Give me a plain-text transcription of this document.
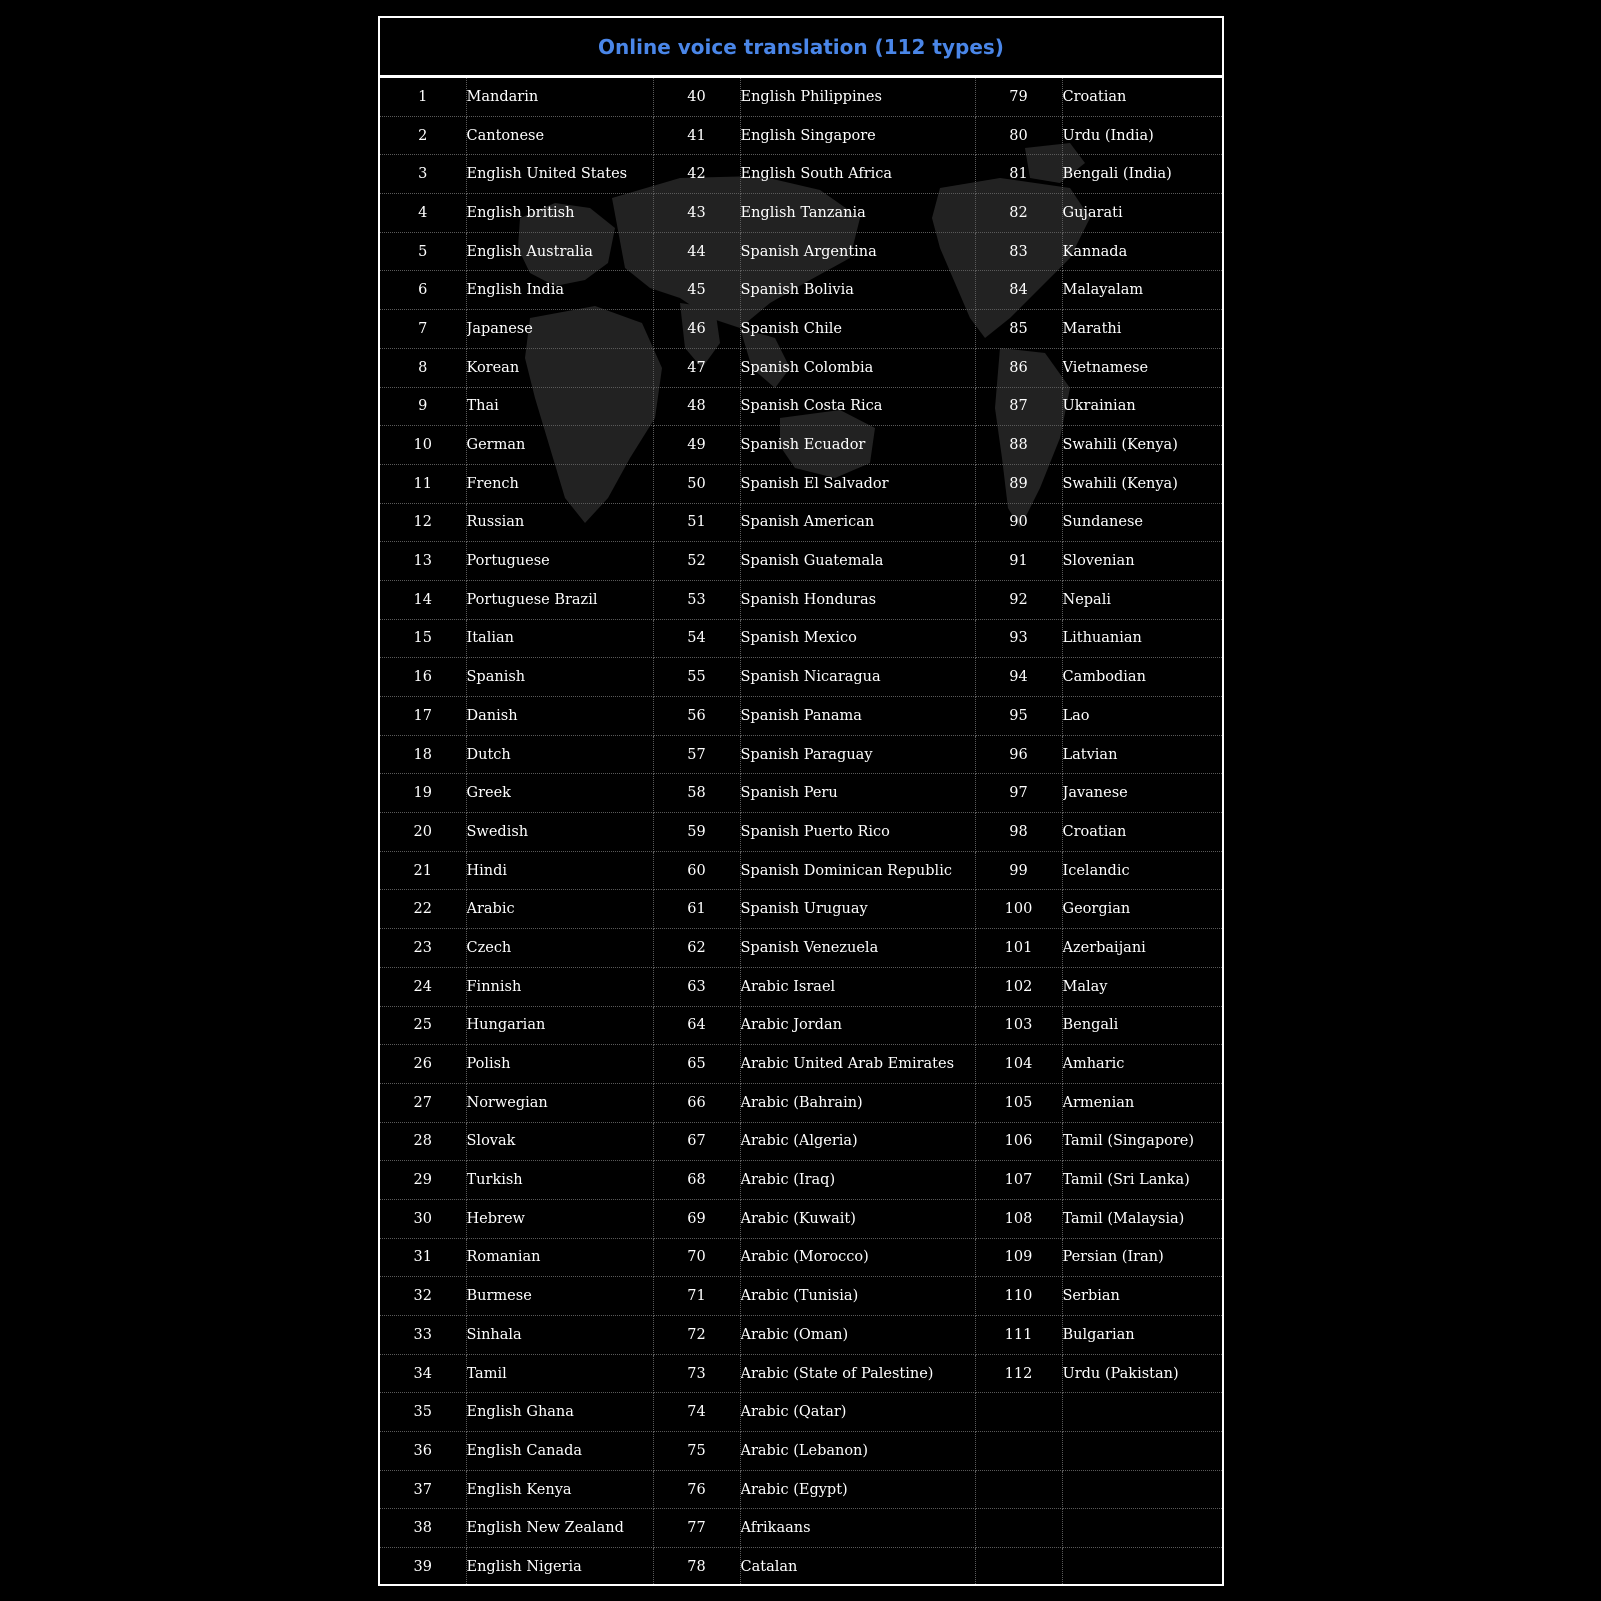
Online voice translation (112 types)
1	Mandarin	40	English Philippines	79	Croatian
2	Cantonese	41	English Singapore	80	Urdu (India)
3	English United States	42	English South Africa	81	Bengali (India)
4	English british	43	English Tanzania	82	Gujarati
5	English Australia	44	Spanish Argentina	83	Kannada
6	English India	45	Spanish Bolivia	84	Malayalam
7	Japanese	46	Spanish Chile	85	Marathi
8	Korean	47	Spanish Colombia	86	Vietnamese
9	Thai	48	Spanish Costa Rica	87	Ukrainian
10	German	49	Spanish Ecuador	88	Swahili (Kenya)
11	French	50	Spanish El Salvador	89	Swahili (Kenya)
12	Russian	51	Spanish American	90	Sundanese
13	Portuguese	52	Spanish Guatemala	91	Slovenian
14	Portuguese Brazil	53	Spanish Honduras	92	Nepali
15	Italian	54	Spanish Mexico	93	Lithuanian
16	Spanish	55	Spanish Nicaragua	94	Cambodian
17	Danish	56	Spanish Panama	95	Lao
18	Dutch	57	Spanish Paraguay	96	Latvian
19	Greek	58	Spanish Peru	97	Javanese
20	Swedish	59	Spanish Puerto Rico	98	Croatian
21	Hindi	60	Spanish Dominican Republic	99	Icelandic
22	Arabic	61	Spanish Uruguay	100	Georgian
23	Czech	62	Spanish Venezuela	101	Azerbaijani
24	Finnish	63	Arabic Israel	102	Malay
25	Hungarian	64	Arabic Jordan	103	Bengali
26	Polish	65	Arabic United Arab Emirates	104	Amharic
27	Norwegian	66	Arabic (Bahrain)	105	Armenian
28	Slovak	67	Arabic (Algeria)	106	Tamil (Singapore)
29	Turkish	68	Arabic (Iraq)	107	Tamil (Sri Lanka)
30	Hebrew	69	Arabic (Kuwait)	108	Tamil (Malaysia)
31	Romanian	70	Arabic (Morocco)	109	Persian (Iran)
32	Burmese	71	Arabic (Tunisia)	110	Serbian
33	Sinhala	72	Arabic (Oman)	111	Bulgarian
34	Tamil	73	Arabic (State of Palestine)	112	Urdu (Pakistan)
35	English Ghana	74	Arabic (Qatar)		
36	English Canada	75	Arabic (Lebanon)		
37	English Kenya	76	Arabic (Egypt)		
38	English New Zealand	77	Afrikaans		
39	English Nigeria	78	Catalan		
